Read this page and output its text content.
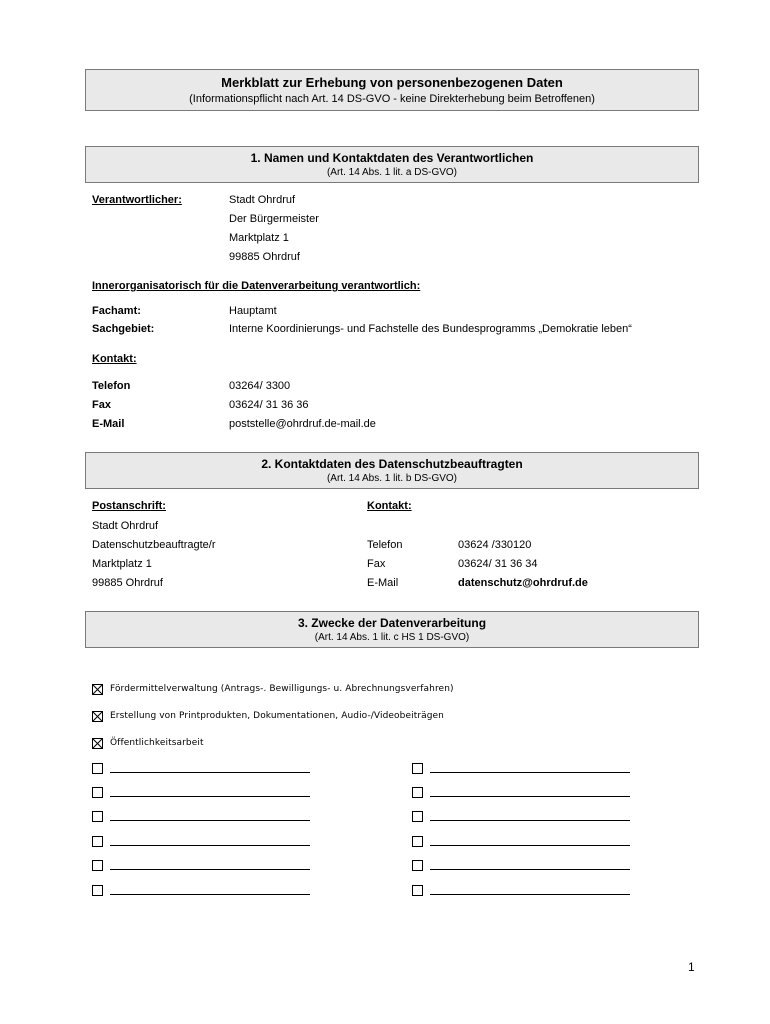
Merkblatt zur Erhebung von personenbezogenen Daten
(Informationspflicht nach Art. 14 DS-GVO - keine Direkterhebung beim Betroffenen)
1. Namen und Kontaktdaten des Verantwortlichen
(Art. 14 Abs. 1 lit. a DS-GVO)
Verantwortlicher:	Stadt Ohrdruf
Der Bürgermeister
Marktplatz 1
99885 Ohrdruf
Innerorganisatorisch für die Datenverarbeitung verantwortlich:
Fachamt:	Hauptamt
Sachgebiet:	Interne Koordinierungs- und Fachstelle des Bundesprogramms „Demokratie leben“
Kontakt:
Telefon	03264/ 3300
Fax	03624/ 31 36 36
E-Mail	poststelle@ohrdruf.de-mail.de
2. Kontaktdaten des Datenschutzbeauftragten
(Art. 14 Abs. 1 lit. b DS-GVO)
Postanschrift:
Stadt Ohrdruf
Datenschutzbeauftragte/r
Marktplatz 1
99885 Ohrdruf
Kontakt:
Telefon	03624 /330120
Fax	03624/ 31 36 34
E-Mail	datenschutz@ohrdruf.de
3. Zwecke der Datenverarbeitung
(Art. 14 Abs. 1 lit. c HS 1 DS-GVO)
Fördermittelverwaltung (Antrags-. Bewilligungs- u. Abrechnungsverfahren)
Erstellung von Printprodukten, Dokumentationen, Audio-/Videobeiträgen
Öffentlichkeitsarbeit
1
